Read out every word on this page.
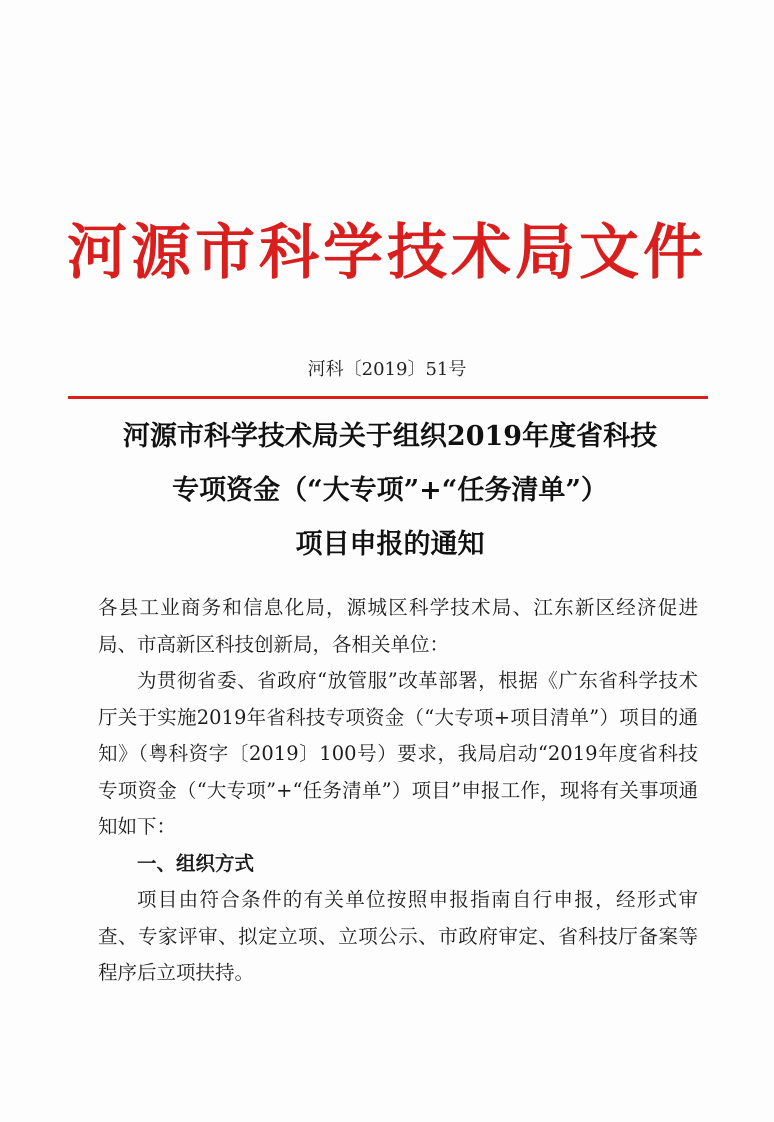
河源市科学技术局文件
河科〔2019〕51号
河源市科学技术局关于组织2019年度省科技
专项资金（“大专项”+“任务清单”）
项目申报的通知

各县工业商务和信息化局，源城区科学技术局、江东新区经济促进局、市高新区科技创新局，各相关单位：

为贯彻省委、省政府“放管服”改革部署，根据《广东省科学技术厅关于实施2019年省科技专项资金（“大专项+项目清单”）项目的通知》（粤科资字〔2019〕100号）要求，我局启动“2019年度省科技专项资金（“大专项”+“任务清单”）项目”申报工作，现将有关事项通知如下：

一、组织方式

项目由符合条件的有关单位按照申报指南自行申报，经形式审查、专家评审、拟定立项、立项公示、市政府审定、省科技厅备案等程序后立项扶持。
